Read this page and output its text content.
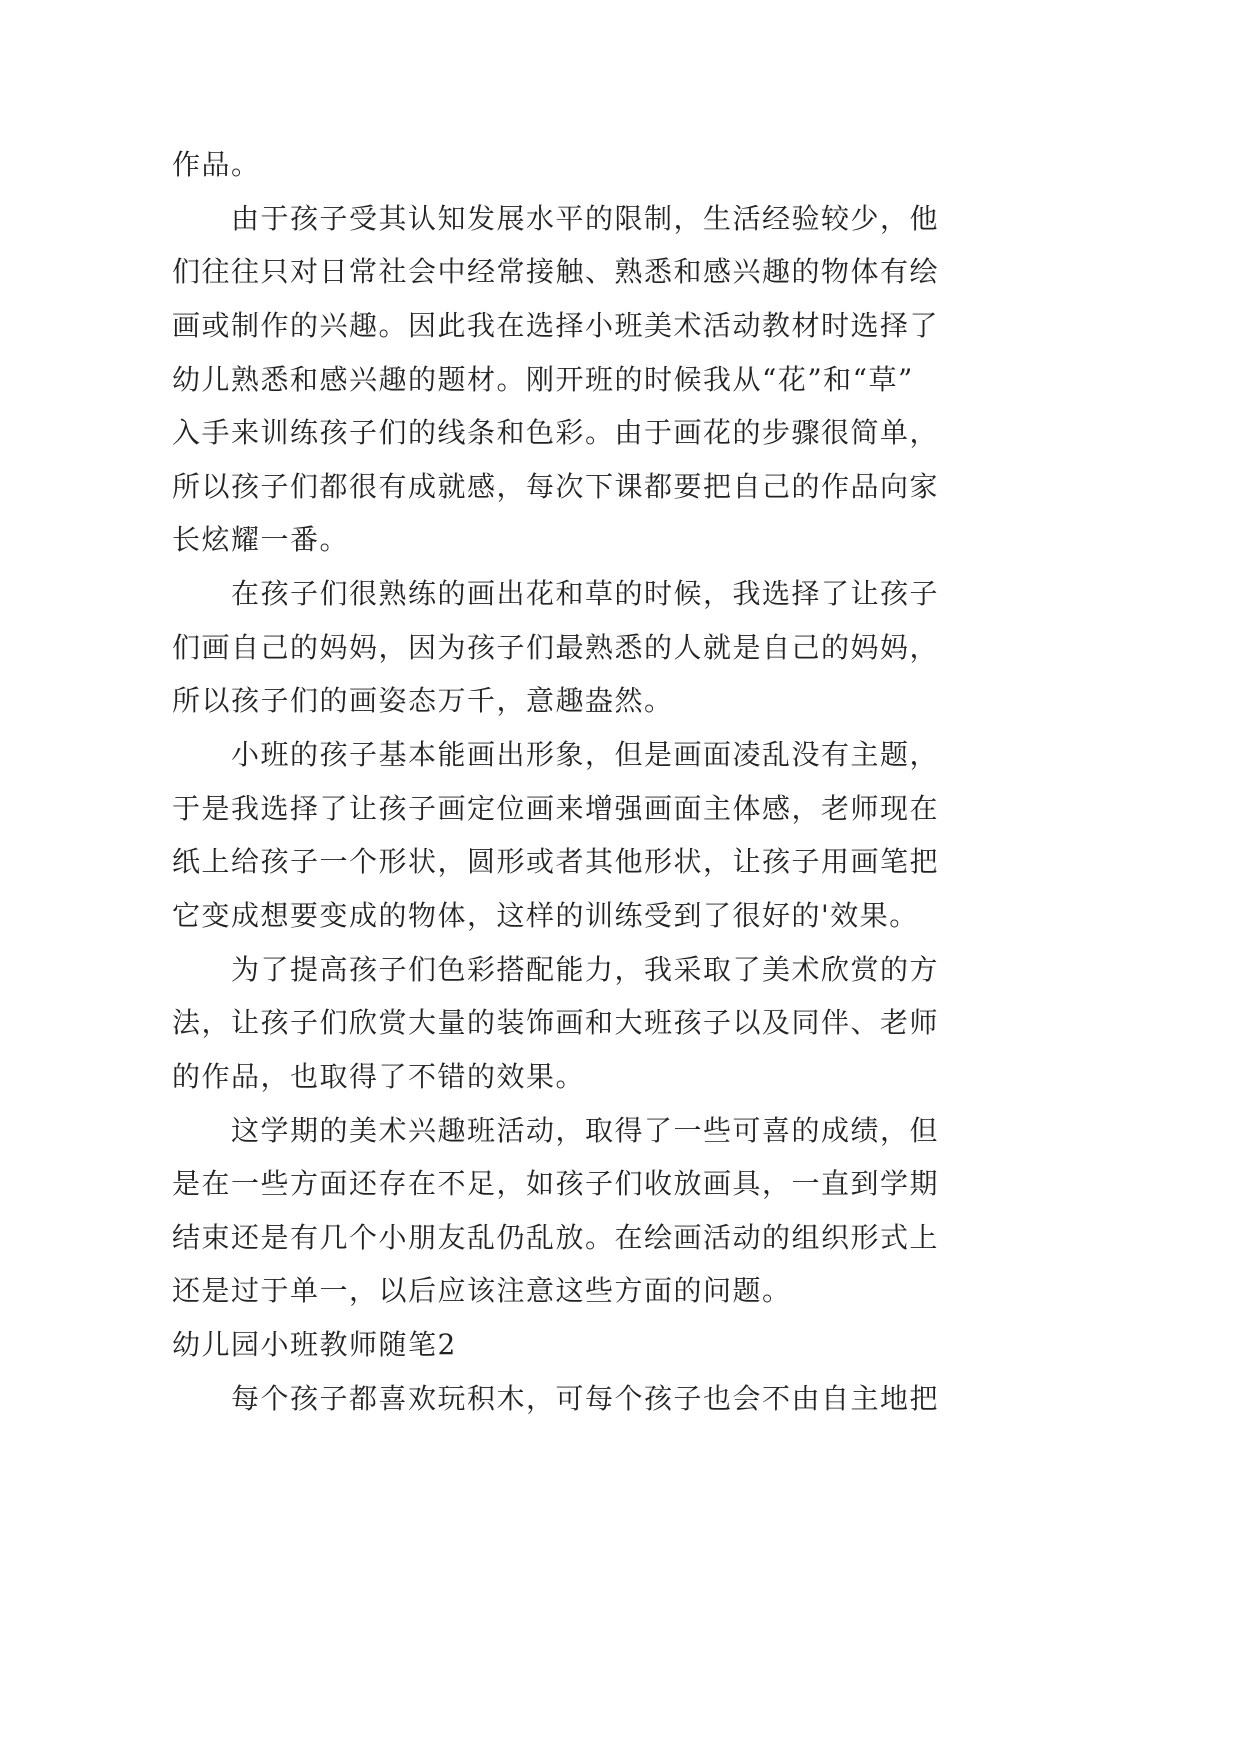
作品。
由于孩子受其认知发展水平的限制，生活经验较少，他
们往往只对日常社会中经常接触、熟悉和感兴趣的物体有绘
画或制作的兴趣。因此我在选择小班美术活动教材时选择了
幼儿熟悉和感兴趣的题材。刚开班的时候我从“花”和“草”
入手来训练孩子们的线条和色彩。由于画花的步骤很简单，
所以孩子们都很有成就感，每次下课都要把自己的作品向家
长炫耀一番。
在孩子们很熟练的画出花和草的时候，我选择了让孩子
们画自己的妈妈，因为孩子们最熟悉的人就是自己的妈妈，
所以孩子们的画姿态万千，意趣盎然。
小班的孩子基本能画出形象，但是画面凌乱没有主题，
于是我选择了让孩子画定位画来增强画面主体感，老师现在
纸上给孩子一个形状，圆形或者其他形状，让孩子用画笔把
它变成想要变成的物体，这样的训练受到了很好的'效果。
为了提高孩子们色彩搭配能力，我采取了美术欣赏的方
法，让孩子们欣赏大量的装饰画和大班孩子以及同伴、老师
的作品，也取得了不错的效果。
这学期的美术兴趣班活动，取得了一些可喜的成绩，但
是在一些方面还存在不足，如孩子们收放画具，一直到学期
结束还是有几个小朋友乱仍乱放。在绘画活动的组织形式上
还是过于单一，以后应该注意这些方面的问题。
幼儿园小班教师随笔2
每个孩子都喜欢玩积木，可每个孩子也会不由自主地把
